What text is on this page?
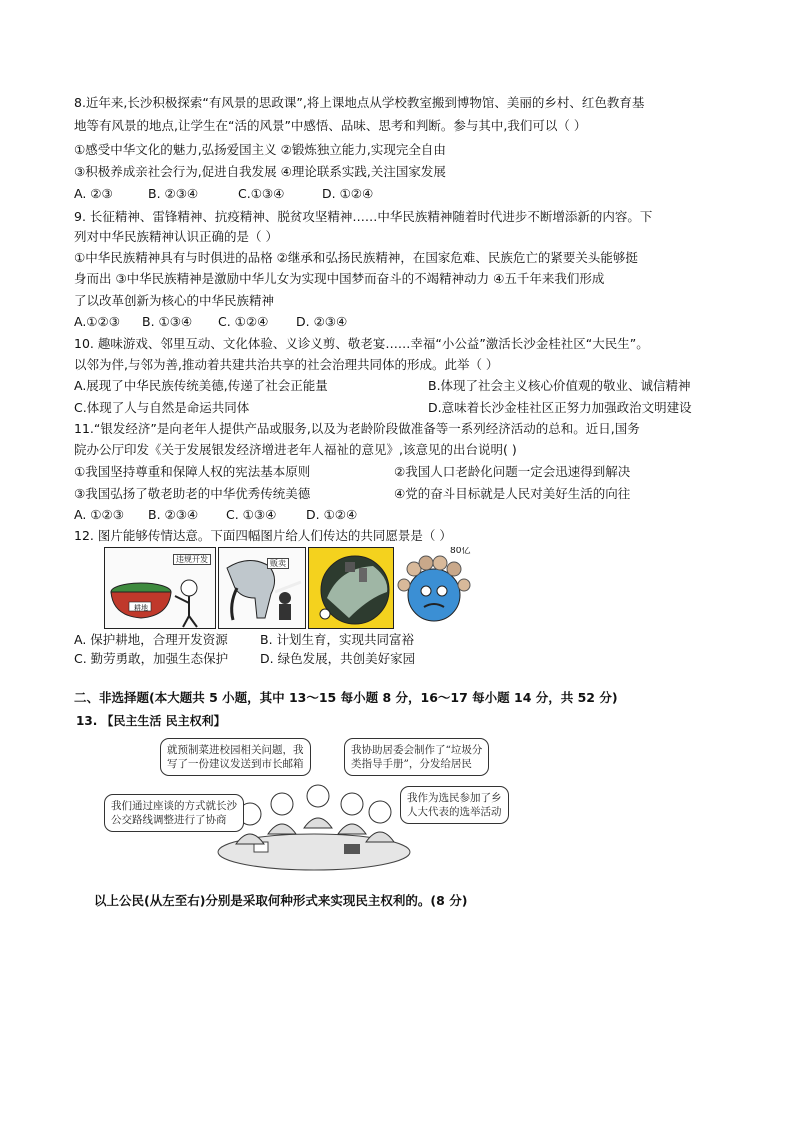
8.近年来,长沙积极探索“有风景的思政课”,将上课地点从学校教室搬到博物馆、美丽的乡村、红色教育基
地等有风景的地点,让学生在“活的风景”中感悟、品味、思考和判断。参与其中,我们可以（ ）
①感受中华文化的魅力,弘扬爱国主义 ②锻炼独立能力,实现完全自由
③积极养成亲社会行为,促进自我发展 ④理论联系实践,关注国家发展
A. ②③	B. ②③④	C.①③④	D. ①②④
9. 长征精神、雷锋精神、抗疫精神、脱贫攻坚精神……中华民族精神随着时代进步不断增添新的内容。下
列对中华民族精神认识正确的是（ ）
①中华民族精神具有与时俱进的品格 ②继承和弘扬民族精神，在国家危难、民族危亡的紧要关头能够挺
身而出 ③中华民族精神是激励中华儿女为实现中国梦而奋斗的不竭精神动力 ④五千年来我们形成
了以改革创新为核心的中华民族精神
A.①②③ B. ①③④ C. ①②④ D. ②③④
10. 趣味游戏、邻里互动、文化体验、义诊义剪、敬老宴……幸福“小公益”激活长沙金桂社区“大民生”。
以邻为伴,与邻为善,推动着共建共治共享的社会治理共同体的形成。此举（ ）
A.展现了中华民族传统美德,传递了社会正能量	B.体现了社会主义核心价值观的敬业、诚信精神
C.体现了人与自然是命运共同体	D.意味着长沙金桂社区正努力加强政治文明建设
11.“银发经济”是向老年人提供产品或服务,以及为老龄阶段做准备等一系列经济活动的总和。近日,国务
院办公厅印发《关于发展银发经济增进老年人福祉的意见》,该意见的出台说明( )
①我国坚持尊重和保障人权的宪法基本原则	②我国人口老龄化问题一定会迅速得到解决
③我国弘扬了敬老助老的中华优秀传统美德	④党的奋斗目标就是人民对美好生活的向往
A. ①②③ B. ②③④ C. ①③④ D. ①②④
12. 图片能够传情达意。下面四幅图片给人们传达的共同愿景是（ ）
违规开发
耕地
贩卖
80亿
A. 保护耕地，合理开发资源	B. 计划生育，实现共同富裕
C. 勤劳勇敢，加强生态保护	D. 绿色发展，共创美好家园
二、非选择题(本大题共 5 小题，其中 13～15 每小题 8 分，16～17 每小题 14 分，共 52 分)
13. 【民主生活 民主权利】
就预制菜进校园相关问题，我
写了一份建议发送到市长邮箱
我协助居委会制作了“垃圾分
类指导手册”，分发给居民
我们通过座谈的方式就长沙
公交路线调整进行了协商
我作为选民参加了乡
人大代表的选举活动
以上公民(从左至右)分别是采取何种形式来实现民主权利的。(8 分)
